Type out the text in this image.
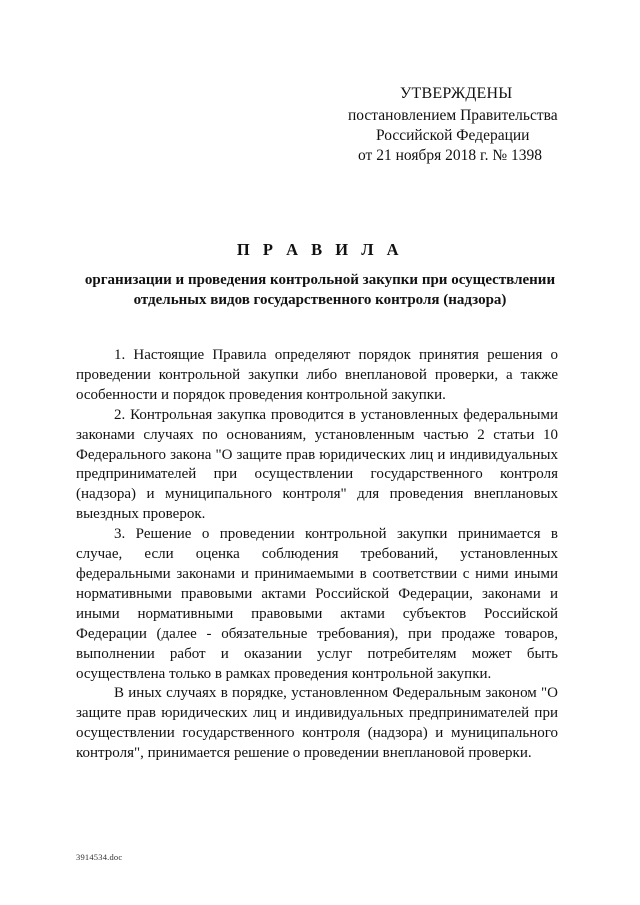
УТВЕРЖДЕНЫ
постановлением Правительства
Российской Федерации
от 21 ноября 2018 г. № 1398
П Р А В И Л А
организации и проведения контрольной закупки при осуществлении отдельных видов государственного контроля (надзора)

1. Настоящие Правила определяют порядок принятия решения о проведении контрольной закупки либо внеплановой проверки, а также особенности и порядок проведения контрольной закупки.

2. Контрольная закупка проводится в установленных федеральными законами случаях по основаниям, установленным частью 2 статьи 10 Федерального закона "О защите прав юридических лиц и индивидуальных предпринимателей при осуществлении государственного контроля (надзора) и муниципального контроля" для проведения внеплановых выездных проверок.

3. Решение о проведении контрольной закупки принимается в случае, если оценка соблюдения требований, установленных федеральными законами и принимаемыми в соответствии с ними иными нормативными правовыми актами Российской Федерации, законами и иными нормативными правовыми актами субъектов Российской Федерации (далее - обязательные требования), при продаже товаров, выполнении работ и оказании услуг потребителям может быть осуществлена только в рамках проведения контрольной закупки.

В иных случаях в порядке, установленном Федеральным законом "О защите прав юридических лиц и индивидуальных предпринимателей при осуществлении государственного контроля (надзора) и муниципального контроля", принимается решение о проведении внеплановой проверки.

3914534.doc
